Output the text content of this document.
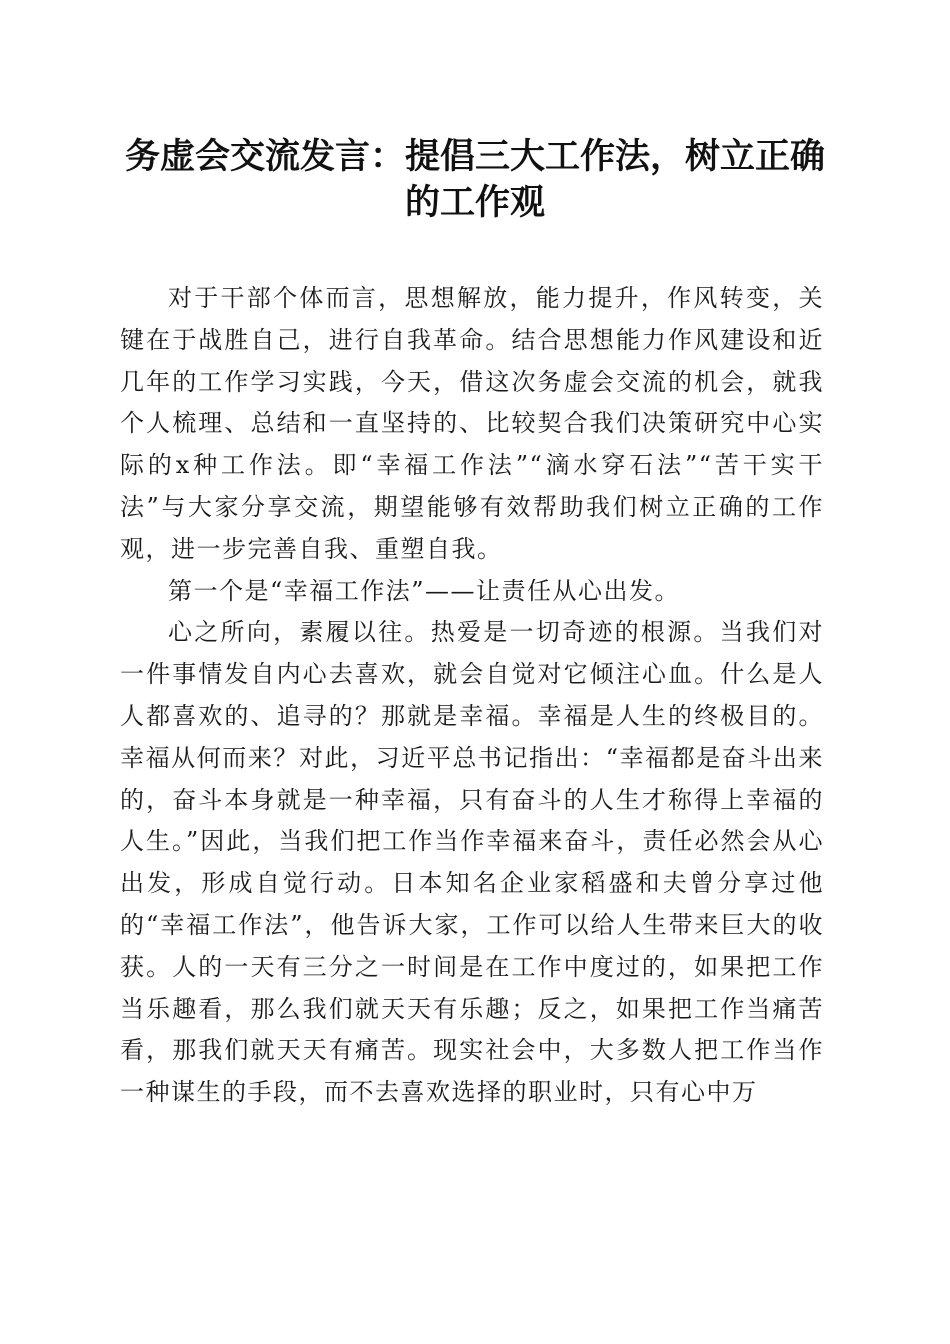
务虚会交流发言：提倡三大工作法，树立正确的工作观

对于干部个体而言，思想解放，能力提升，作风转变，关键在于战胜自己，进行自我革命。结合思想能力作风建设和近几年的工作学习实践，今天，借这次务虚会交流的机会，就我个人梳理、总结和一直坚持的、比较契合我们决策研究中心实际的x种工作法。即“幸福工作法”“滴水穿石法”“苦干实干法”与大家分享交流，期望能够有效帮助我们树立正确的工作观，进一步完善自我、重塑自我。

第一个是“幸福工作法”——让责任从心出发。

心之所向，素履以往。热爱是一切奇迹的根源。当我们对一件事情发自内心去喜欢，就会自觉对它倾注心血。什么是人人都喜欢的、追寻的？那就是幸福。幸福是人生的终极目的。幸福从何而来？对此，习近平总书记指出：“幸福都是奋斗出来的，奋斗本身就是一种幸福，只有奋斗的人生才称得上幸福的人生。”因此，当我们把工作当作幸福来奋斗，责任必然会从心出发，形成自觉行动。日本知名企业家稻盛和夫曾分享过他的“幸福工作法”，他告诉大家，工作可以给人生带来巨大的收获。人的一天有三分之一时间是在工作中度过的，如果把工作当乐趣看，那么我们就天天有乐趣；反之，如果把工作当痛苦看，那我们就天天有痛苦。现实社会中，大多数人把工作当作一种谋生的手段，而不去喜欢选择的职业时，只有心中万
